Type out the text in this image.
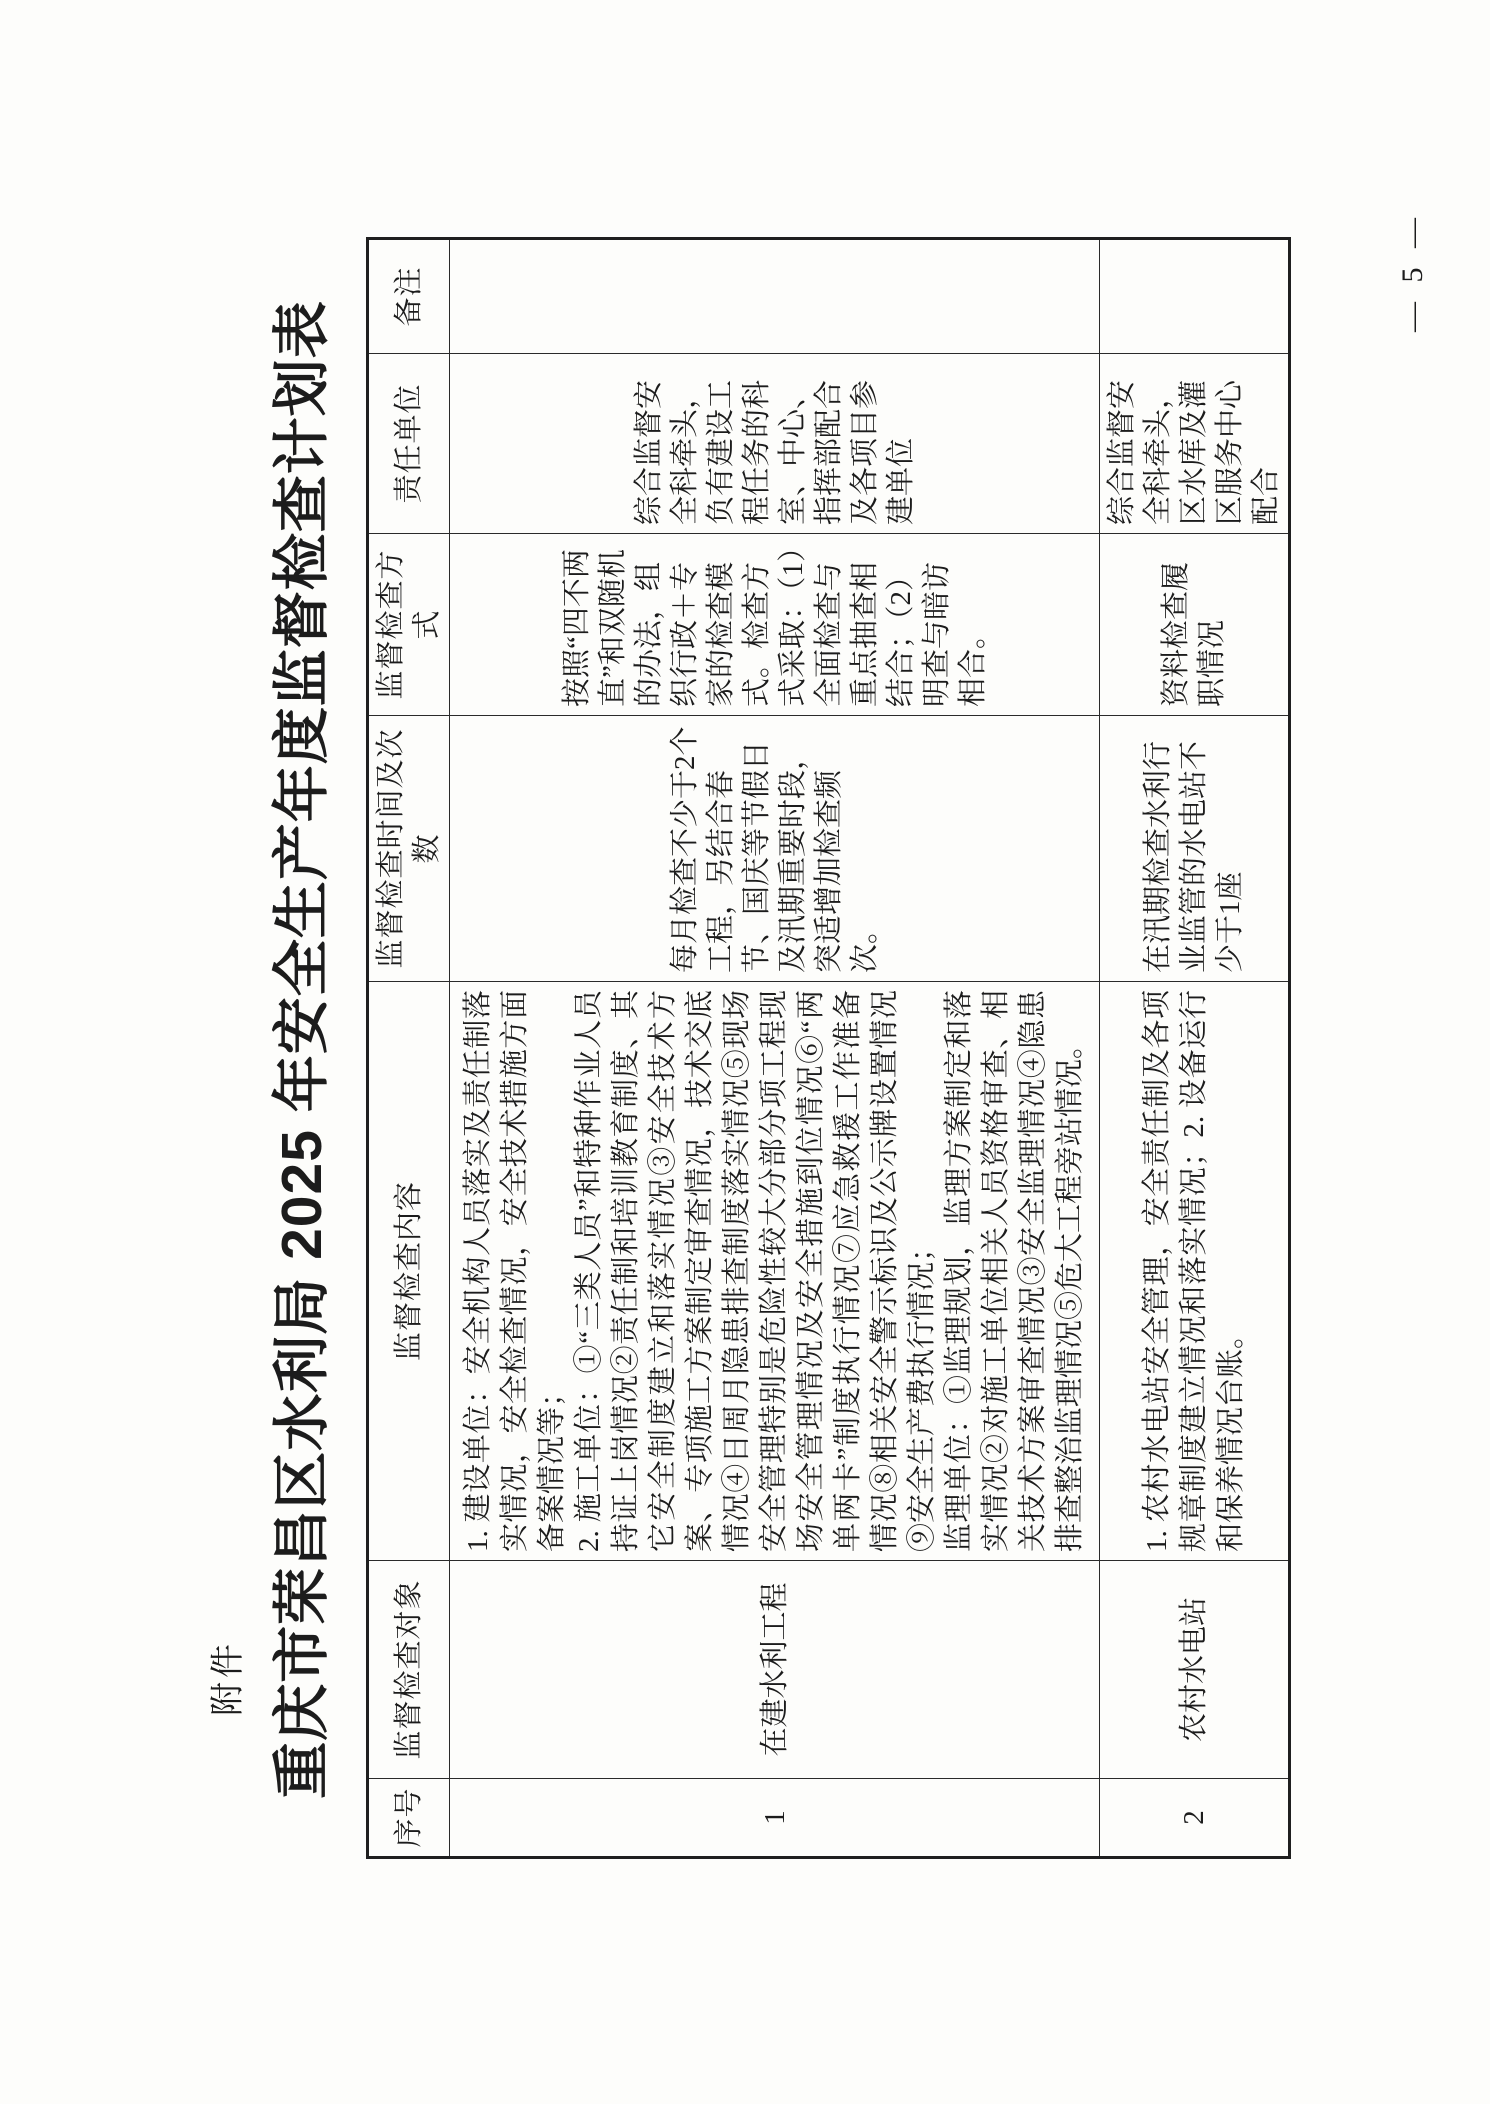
附件 重庆市荣昌区水利局 2025 年安全生产年度监督检查计划表
序号	监督检查对象	监督检查内容	监督检查时间及次数	监督检查方式	责任单位	备注
1	在建水利工程	1. 建设单位：安全机构人员落实及责任制落实情况，安全检查情况，安全技术措施方面备案情况等； 2. 施工单位：①“三类人员”和特种作业人员持证上岗情况②责任制和培训教育制度、其它安全制度建立和落实情况③安全技术方案、专项施工方案制定审查情况，技术交底情况④日周月隐患排查制度落实情况⑤现场安全管理特别是危险性较大分部分项工程现场安全管理情况及安全措施到位情况⑥“两单两卡”制度执行情况⑦应急救援工作准备情况⑧相关安全警示标识及公示牌设置情况⑨安全生产费执行情况； 监理单位：①监理规划，监理方案制定和落实情况②对施工单位相关人员资格审查、相关技术方案审查情况③安全监理情况④隐患排查整治监理情况⑤危大工程旁站情况。	每月检查不少于2个工程，另结合春节、国庆等节假日及汛期重要时段，突适增加检查频次。	按照“四不两直”和双随机的办法，组织行政＋专家的检查模式。检查方式采取：（1）全面检查与重点抽查相结合；（2）明查与暗访相合。	综合监督安全科牵头，负有建设工程任务的科室、中心、指挥部配合及各项目参建单位	

2	农村水电站	1. 农村水电站安全管理，安全责任制及各项规章制度建立情况和落实情况；2. 设备运行和保养情况台账。	在汛期检查水利行业监管的水电站不少于1座	资料检查履职情况	综合监督安全科牵头，区水库及灌区服务中心配合	

— 5 —
